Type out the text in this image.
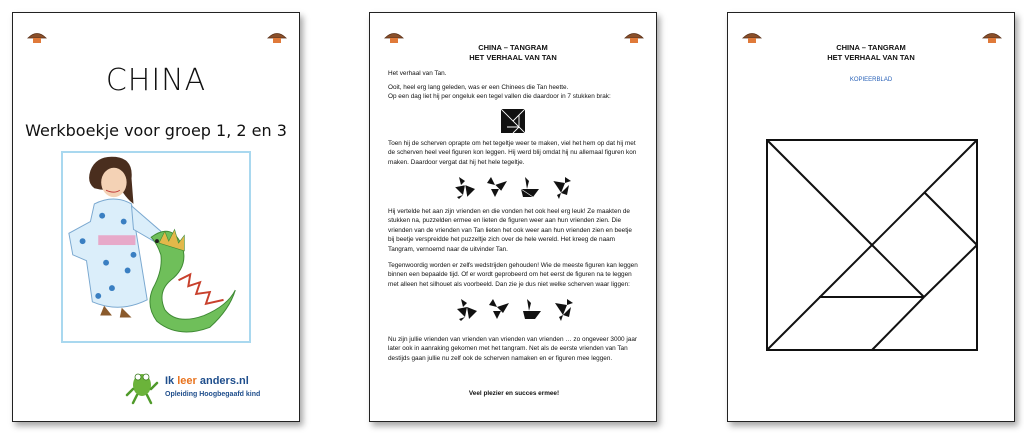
CHINA
Werkboekje voor groep 1, 2 en 3
Ik leer anders.nl
Opleiding Hoogbegaafd kind
CHINA – TANGRAM
HET VERHAAL VAN TAN

Het verhaal van Tan.

Ooit, heel erg lang geleden, was er een Chinees die Tan heette.
Op een dag liet hij per ongeluk een tegel vallen die daardoor in 7 stukken brak:

Toen hij de scherven oprapte om het tegeltje weer te maken, viel het hem op dat hij met de scherven heel veel figuren kon leggen. Hij werd blij omdat hij nu allemaal figuren kon maken. Daardoor vergat dat hij het hele tegeltje.

Hij vertelde het aan zijn vrienden en die vonden het ook heel erg leuk! Ze maakten de stukken na, puzzelden ermee en lieten de figuren weer aan hun vrienden zien. Die vrienden van de vrienden van Tan lieten het ook weer aan hun vrienden zien en beetje bij beetje verspreidde het puzzeltje zich over de hele wereld. Het kreeg de naam Tangram, vernoemd naar de uitvinder Tan.

Tegenwoordig worden er zelfs wedstrijden gehouden! Wie de meeste figuren kan leggen binnen een bepaalde tijd. Of er wordt geprobeerd om het eerst de figuren na te leggen met alleen het silhouet als voorbeeld. Dan zie je dus niet welke scherven waar liggen:

Nu zijn jullie vrienden van vrienden van vrienden van vrienden … zo ongeveer 3000 jaar later ook in aanraking gekomen met het tangram. Net als de eerste vrienden van Tan destijds gaan jullie nu zelf ook de scherven namaken en er figuren mee leggen.

Veel plezier en succes ermee!

CHINA – TANGRAM
HET VERHAAL VAN TAN
KOPIEERBLAD
